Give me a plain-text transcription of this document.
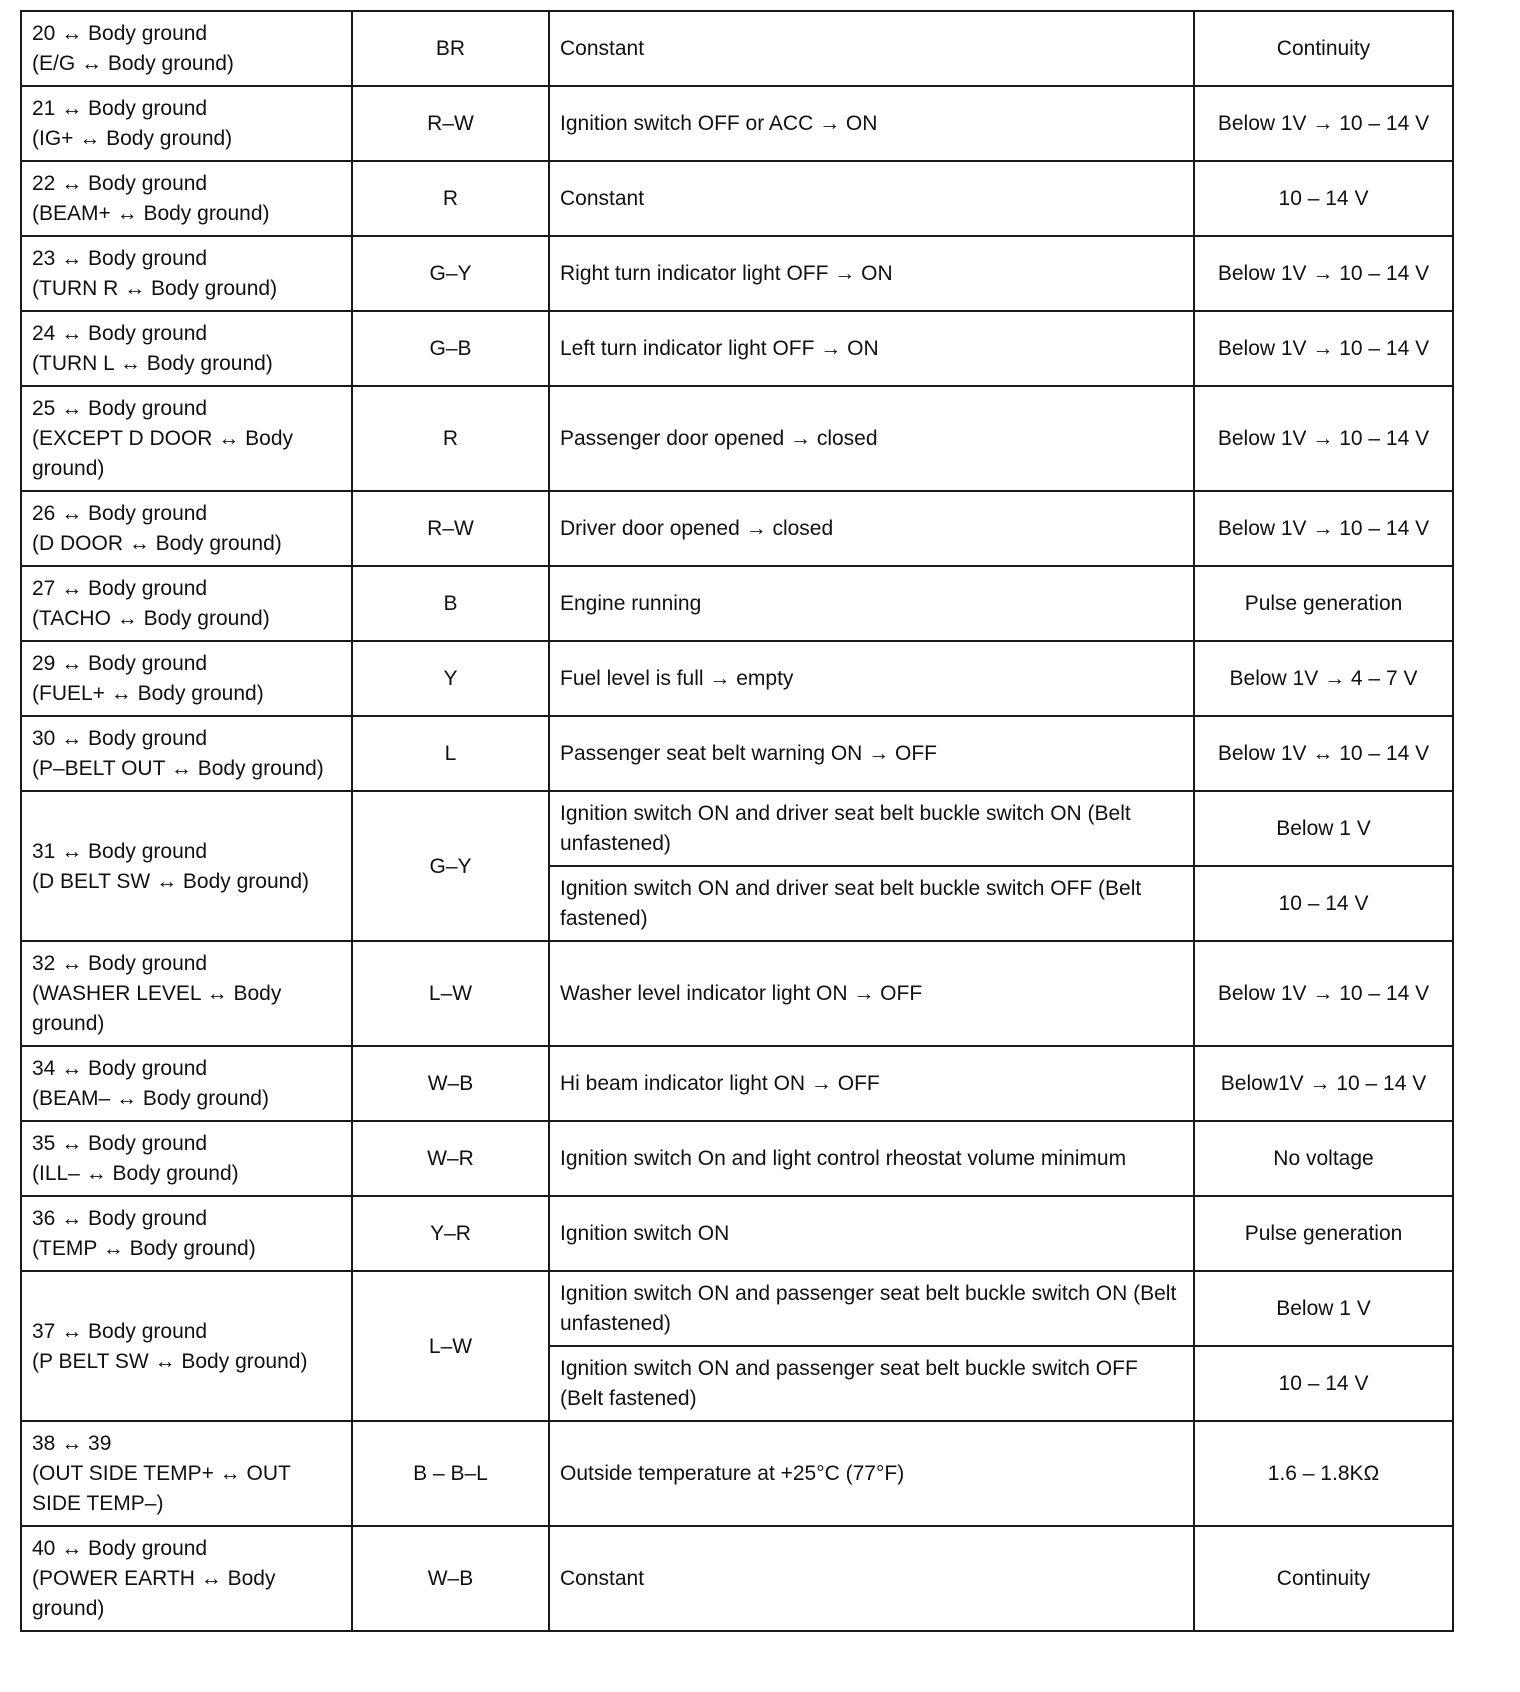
20 ↔ Body ground
(E/G ↔ Body ground)	BR	Constant	Continuity
21 ↔ Body ground
(IG+ ↔ Body ground)	R–W	Ignition switch OFF or ACC → ON	Below 1V → 10 – 14 V
22 ↔ Body ground
(BEAM+ ↔ Body ground)	R	Constant	10 – 14 V
23 ↔ Body ground
(TURN R ↔ Body ground)	G–Y	Right turn indicator light OFF → ON	Below 1V → 10 – 14 V
24 ↔ Body ground
(TURN L ↔ Body ground)	G–B	Left turn indicator light OFF → ON	Below 1V → 10 – 14 V
25 ↔ Body ground
(EXCEPT D DOOR ↔ Body
ground)	R	Passenger door opened → closed	Below 1V → 10 – 14 V
26 ↔ Body ground
(D DOOR ↔ Body ground)	R–W	Driver door opened → closed	Below 1V → 10 – 14 V
27 ↔ Body ground
(TACHO ↔ Body ground)	B	Engine running	Pulse generation
29 ↔ Body ground
(FUEL+ ↔ Body ground)	Y	Fuel level is full → empty	Below 1V → 4 – 7 V
30 ↔ Body ground
(P–BELT OUT ↔ Body ground)	L	Passenger seat belt warning ON → OFF	Below 1V ↔ 10 – 14 V
31 ↔ Body ground
(D BELT SW ↔ Body ground)	G–Y	Ignition switch ON and driver seat belt buckle switch ON (Belt unfastened)	Below 1 V
		Ignition switch ON and driver seat belt buckle switch OFF (Belt fastened)	10 – 14 V
32 ↔ Body ground
(WASHER LEVEL ↔ Body
ground)	L–W	Washer level indicator light ON → OFF	Below 1V → 10 – 14 V
34 ↔ Body ground
(BEAM– ↔ Body ground)	W–B	Hi beam indicator light ON → OFF	Below1V → 10 – 14 V
35 ↔ Body ground
(ILL– ↔ Body ground)	W–R	Ignition switch On and light control rheostat volume minimum	No voltage
36 ↔ Body ground
(TEMP ↔ Body ground)	Y–R	Ignition switch ON	Pulse generation
37 ↔ Body ground
(P BELT SW ↔ Body ground)	L–W	Ignition switch ON and passenger seat belt buckle switch ON (Belt unfastened)	Below 1 V
		Ignition switch ON and passenger seat belt buckle switch OFF (Belt fastened)	10 – 14 V
38 ↔ 39
(OUT SIDE TEMP+ ↔ OUT
SIDE TEMP–)	B – B–L	Outside temperature at +25°C (77°F)	1.6 – 1.8KΩ
40 ↔ Body ground
(POWER EARTH ↔ Body
ground)	W–B	Constant	Continuity
